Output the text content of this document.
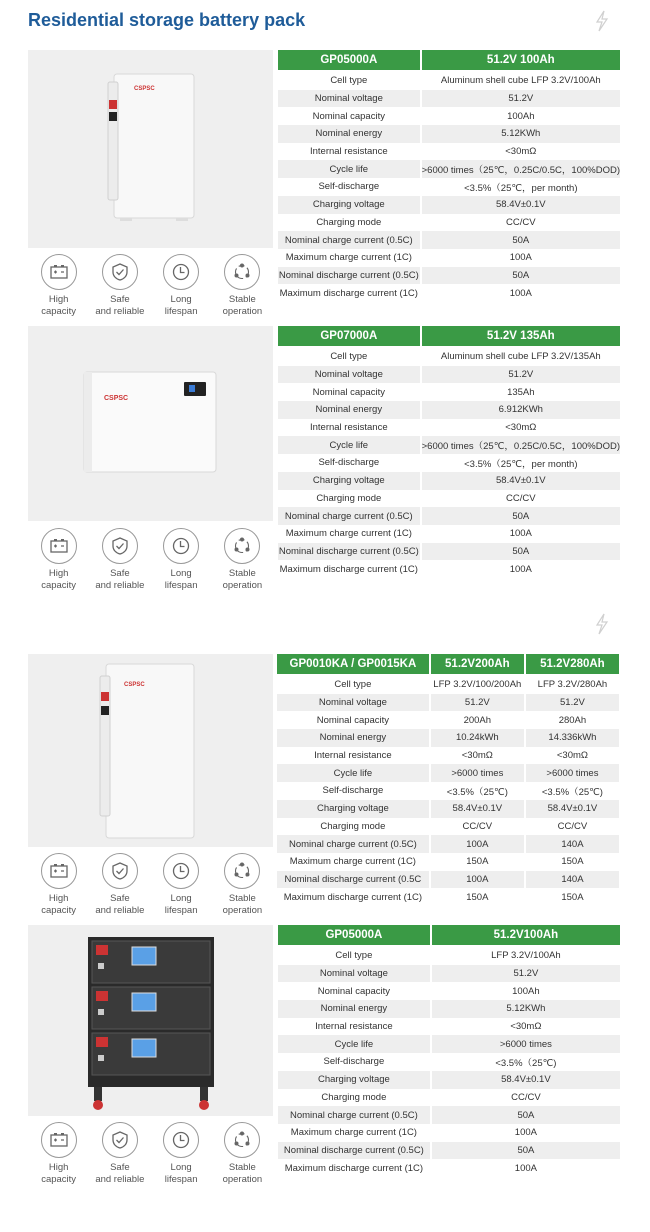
Residential storage battery pack
CSPSC
High
capacity
Safe
and reliable
Long
lifespan
Stable
operation
GP05000A	51.2V 100Ah

Cell type	Aluminum shell cube LFP 3.2V/100Ah
Nominal voltage	51.2V
Nominal capacity	100Ah
Nominal energy	5.12KWh
Internal resistance	<30mΩ
Cycle life	>6000 times（25℃，0.25C/0.5C，100%DOD)
Self-discharge	<3.5%（25℃，per month)
Charging voltage	58.4V±0.1V
Charging mode	CC/CV
Nominal charge current (0.5C)	50A
Maximum charge current (1C)	100A
Nominal discharge current (0.5C)	50A
Maximum discharge current (1C)	100A
CSPSC
High
capacity
Safe
and reliable
Long
lifespan
Stable
operation
GP07000A	51.2V 135Ah

Cell type	Aluminum shell cube LFP 3.2V/135Ah
Nominal voltage	51.2V
Nominal capacity	135Ah
Nominal energy	6.912KWh
Internal resistance	<30mΩ
Cycle life	>6000 times（25℃，0.25C/0.5C，100%DOD)
Self-discharge	<3.5%（25℃，per month)
Charging voltage	58.4V±0.1V
Charging mode	CC/CV
Nominal charge current (0.5C)	50A
Maximum charge current (1C)	100A
Nominal discharge current (0.5C)	50A
Maximum discharge current (1C)	100A
CSPSC
High
capacity
Safe
and reliable
Long
lifespan
Stable
operation
GP0010KA / GP0015KA	51.2V200Ah	51.2V280Ah

Cell type	LFP 3.2V/100/200Ah	LFP 3.2V/280Ah
Nominal voltage	51.2V	51.2V
Nominal capacity	200Ah	280Ah
Nominal energy	10.24kWh	14.336kWh
Internal resistance	<30mΩ	<30mΩ
Cycle life	>6000 times	>6000 times
Self-discharge	<3.5%（25℃)	<3.5%（25℃)
Charging voltage	58.4V±0.1V	58.4V±0.1V
Charging mode	CC/CV	CC/CV
Nominal charge current (0.5C)	100A	140A
Maximum charge current (1C)	150A	150A
Nominal discharge current (0.5C	100A	140A
Maximum discharge current (1C)	150A	150A
High
capacity
Safe
and reliable
Long
lifespan
Stable
operation
GP05000A	51.2V100Ah

Cell type	LFP 3.2V/100Ah
Nominal voltage	51.2V
Nominal capacity	100Ah
Nominal energy	5.12KWh
Internal resistance	<30mΩ
Cycle life	>6000 times
Self-discharge	<3.5%（25℃)
Charging voltage	58.4V±0.1V
Charging mode	CC/CV
Nominal charge current (0.5C)	50A
Maximum charge current (1C)	100A
Nominal discharge current (0.5C)	50A
Maximum discharge current (1C)	100A
